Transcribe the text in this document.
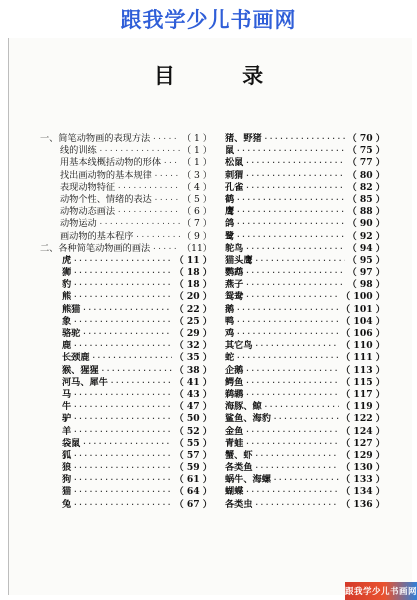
跟我学少儿书画网
目 录
一、简笔动物画的表现方法 ·····	（ 1 ）
线的训练 ·····	（ 1 ）
用基本线概括动物的形体 ····· （ 1 ）
找出画动物的基本规律 ·····	（ 3 ）
表现动物特征 ·····	（ 4 ）
动物个性、情绪的表达 ·····	（ 5 ）
动物动态画法 ·····	（ 6 ）
动物运动 ·····	（ 7 ）
画动物的基本程序 ·····	（ 9 ）
二、各种简笔动物画的画法 ·····	（11）
虎 ·····	（ 11 ）
狮 ·····	（ 18 ）
豹 ·····	（ 18 ）
熊 ·····	（ 20 ）
熊猫 ·····	（ 22 ）
象 ·····	（ 25 ）
骆驼 ·····	（ 29 ）
鹿 ·····	（ 32 ）
长颈鹿 ·····	（ 35 ）
猴、猩猩 ·····	（ 38 ）
河马、犀牛 ·····	（ 41 ）
马 ·····	（ 43 ）
牛 ·····	（ 47 ）
驴 ·····	（ 50 ）
羊 ·····	（ 52 ）
袋鼠 ·····	（ 55 ）
狐 ·····	（ 57 ）
狼 ·····	（ 59 ）
狗 ·····	（ 61 ）
猫 ·····	（ 64 ）
兔 ·····	（ 67 ）
猪、野猪 ·····	（ 70 ）
鼠 ·····	（ 75 ）
松鼠 ·····	（ 77 ）
刺猬 ·····	（ 80 ）
孔雀 ·····	（ 82 ）
鹤 ·····	（ 85 ）
鹰 ·····	（ 88 ）
鸽 ·····	（ 90 ）
鹭 ·····	（ 92 ）
鸵鸟 ·····	（ 94 ）
猫头鹰 ·····	（ 95 ）
鹦鹉 ·····	（ 97 ）
燕子 ·····	（ 98 ）
鸳鸯 ·····	（ 100 ）
鹅 ·····	（ 101 ）
鸭 ·····	（ 104 ）
鸡 ·····	（ 106 ）
其它鸟 ·····	（ 110 ）
蛇 ·····	（ 111 ）
企鹅 ·····	（ 113 ）
鳄鱼 ·····	（ 115 ）
鹈鹕 ·····	（ 117 ）
海豚、鲸 ·····	（ 119 ）
鲨鱼、海豹 ·····	（ 122 ）
金鱼 ·····	（ 124 ）
青蛙 ·····	（ 127 ）
蟹、虾 ·····	（ 129 ）
各类鱼 ·····	（ 130 ）
蜗牛、海螺 ·····	（ 133 ）
蝴蝶 ·····	（ 134 ）
各类虫 ·····	（ 136 ）
跟我学少儿书画网
